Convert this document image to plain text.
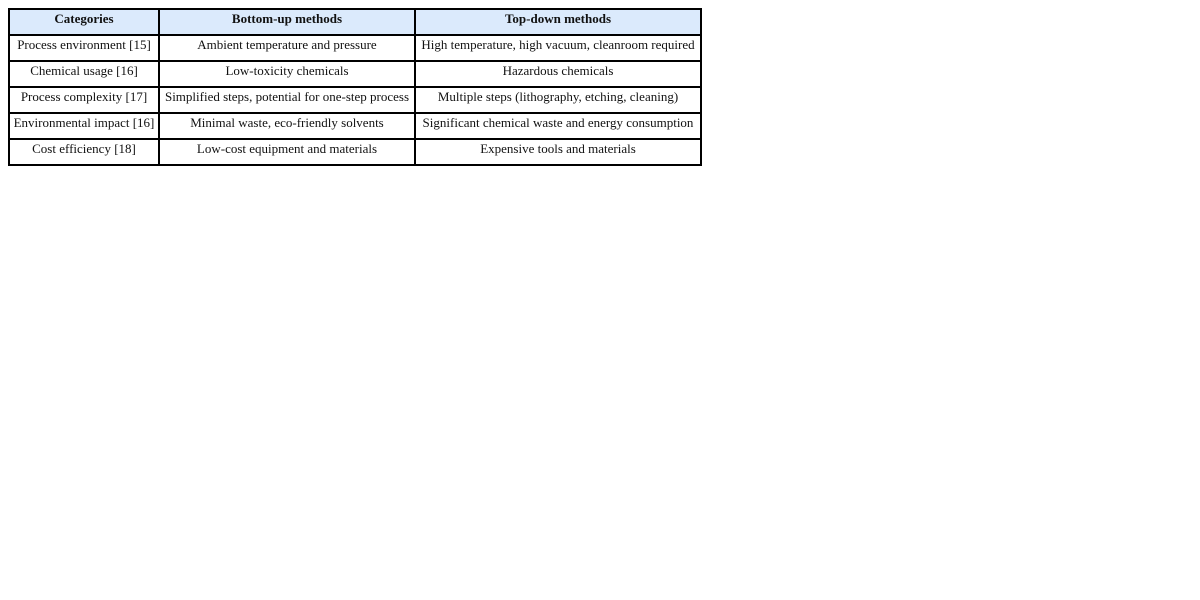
Categories	Bottom-up methods	Top-down methods
Process environment [15]	Ambient temperature and pressure	High temperature, high vacuum, cleanroom required
Chemical usage [16]	Low-toxicity chemicals	Hazardous chemicals
Process complexity [17]	Simplified steps, potential for one-step process	Multiple steps (lithography, etching, cleaning)
Environmental impact [16]	Minimal waste, eco-friendly solvents	Significant chemical waste and energy consumption
Cost efficiency [18]	Low-cost equipment and materials	Expensive tools and materials
